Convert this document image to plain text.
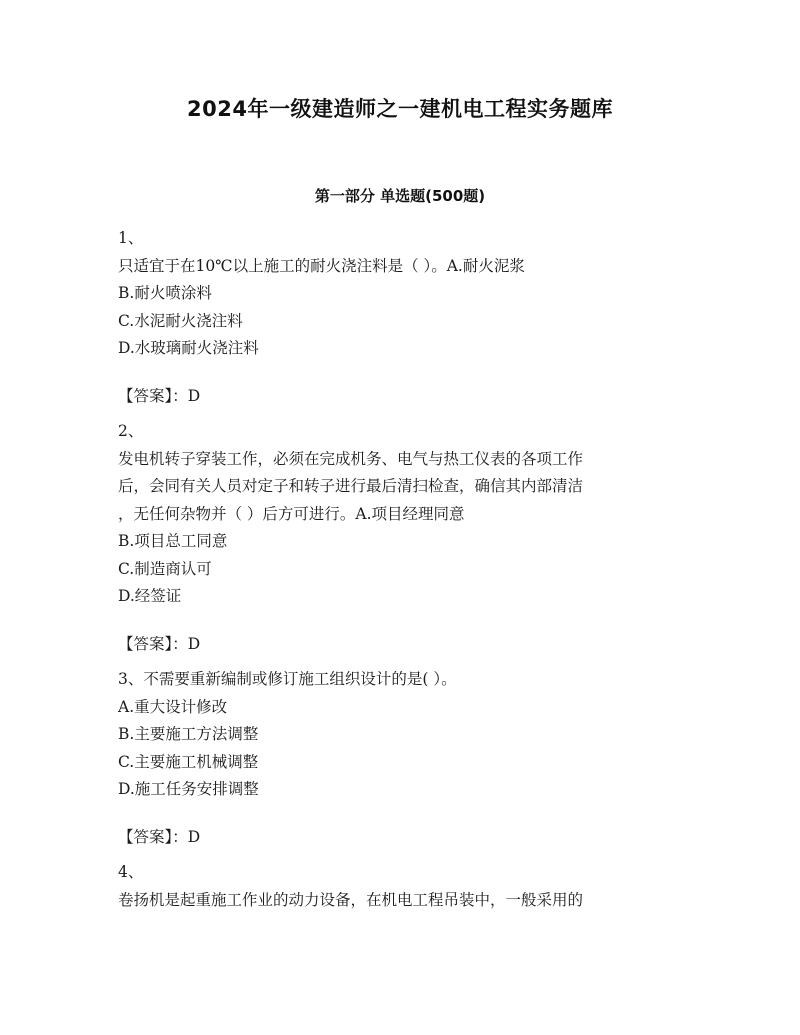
2024年一级建造师之一建机电工程实务题库
第一部分 单选题(500题)
1、
只适宜于在10℃以上施工的耐火浇注料是（ ）。A.耐火泥浆
B.耐火喷涂料
C.水泥耐火浇注料
D.水玻璃耐火浇注料
【答案】：D
2、
发电机转子穿装工作，必须在完成机务、电气与热工仪表的各项工作
后，会同有关人员对定子和转子进行最后清扫检查，确信其内部清洁
，无任何杂物并（ ）后方可进行。A.项目经理同意
B.项目总工同意
C.制造商认可
D.经签证
【答案】：D
3、不需要重新编制或修订施工组织设计的是( ）。
A.重大设计修改
B.主要施工方法调整
C.主要施工机械调整
D.施工任务安排调整
【答案】：D
4、
卷扬机是起重施工作业的动力设备，在机电工程吊装中，一般采用的
